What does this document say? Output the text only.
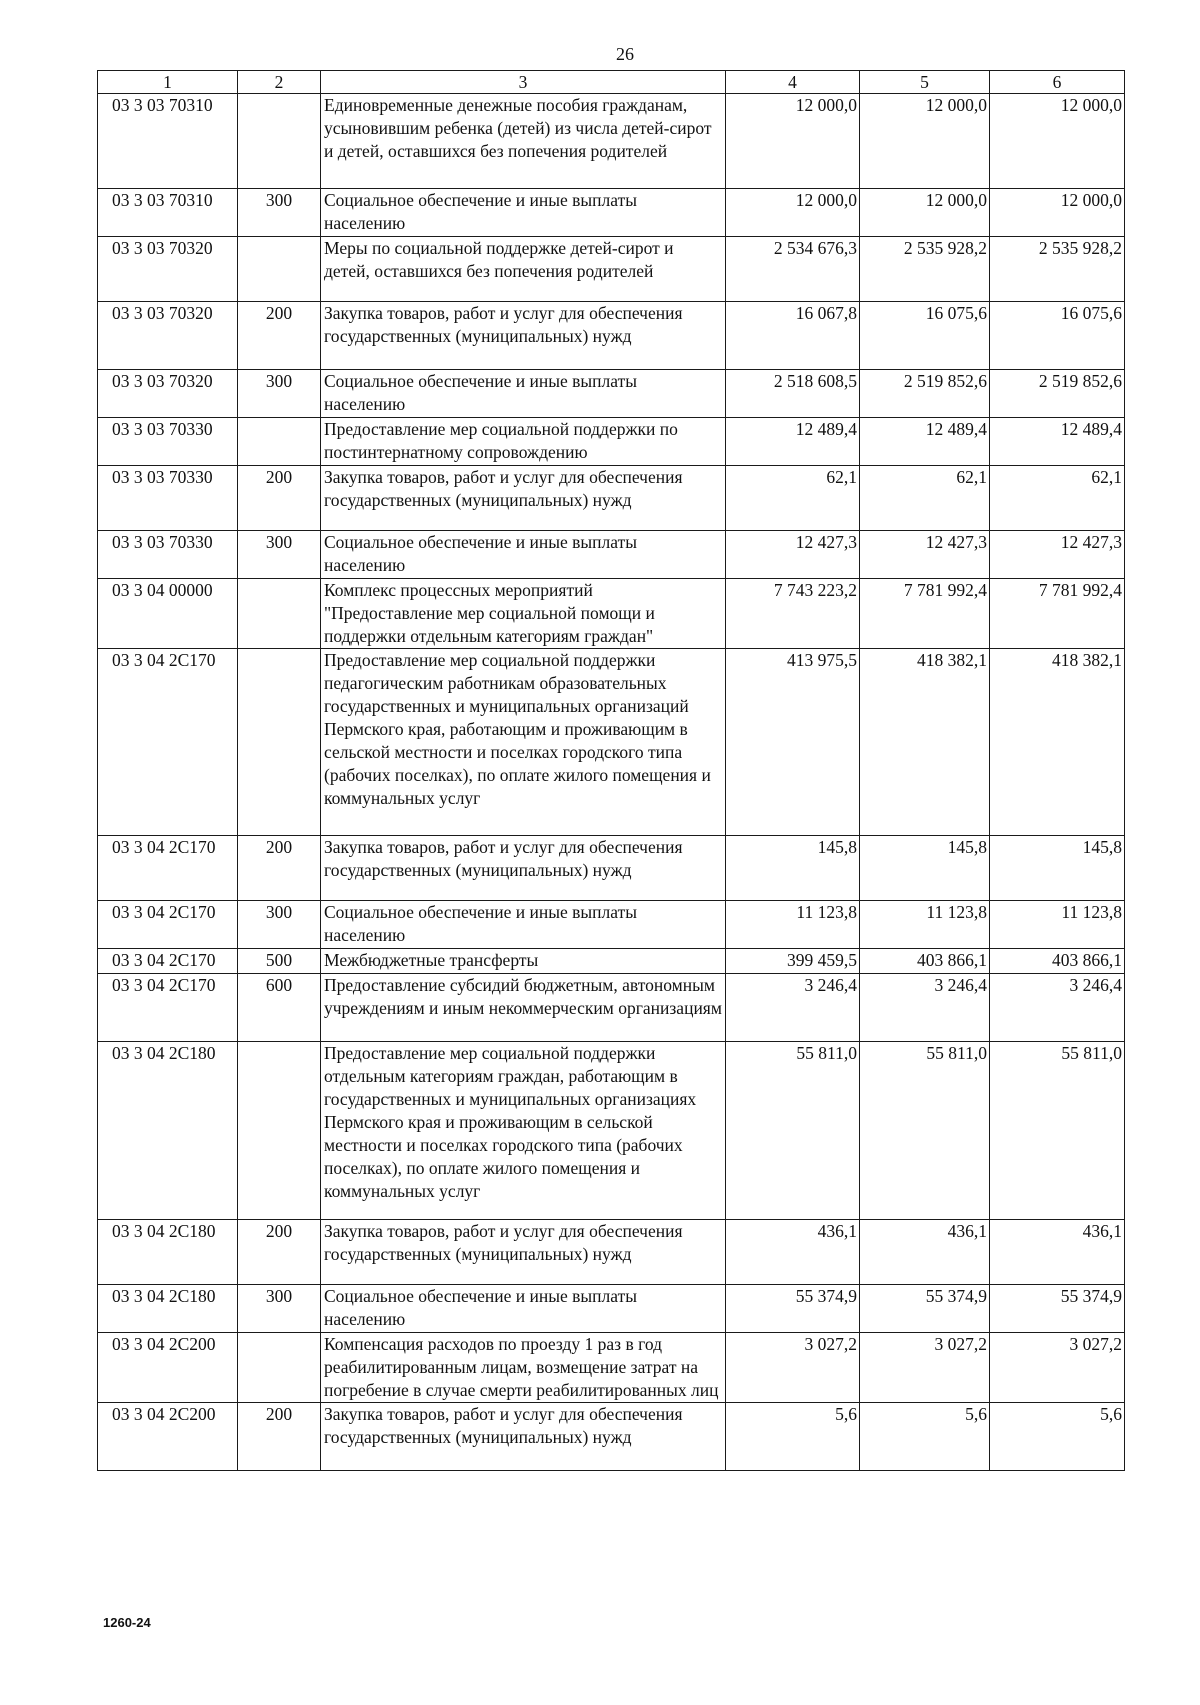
26
1	2	3	4	5	6
03 3 03 70310		Единовременные денежные пособия гражданам, усыновившим ребенка (детей) из числа детей-сирот и детей, оставшихся без попечения родителей	12 000,0	12 000,0	12 000,0
03 3 03 70310	300	Социальное обеспечение и иные выплаты населению	12 000,0	12 000,0	12 000,0
03 3 03 70320		Меры по социальной поддержке детей-сирот и детей, оставшихся без попечения родителей	2 534 676,3	2 535 928,2	2 535 928,2
03 3 03 70320	200	Закупка товаров, работ и услуг для обеспечения государственных (муниципальных) нужд	16 067,8	16 075,6	16 075,6
03 3 03 70320	300	Социальное обеспечение и иные выплаты населению	2 518 608,5	2 519 852,6	2 519 852,6
03 3 03 70330		Предоставление мер социальной поддержки по постинтернатному сопровождению	12 489,4	12 489,4	12 489,4
03 3 03 70330	200	Закупка товаров, работ и услуг для обеспечения государственных (муниципальных) нужд	62,1	62,1	62,1
03 3 03 70330	300	Социальное обеспечение и иные выплаты населению	12 427,3	12 427,3	12 427,3
03 3 04 00000		Комплекс процессных мероприятий "Предоставление мер социальной помощи и поддержки отдельным категориям граждан"	7 743 223,2	7 781 992,4	7 781 992,4
03 3 04 2С170		Предоставление мер социальной поддержки педагогическим работникам образовательных государственных и муниципальных организаций Пермского края, работающим и проживающим в сельской местности и поселках городского типа (рабочих поселках), по оплате жилого помещения и коммунальных услуг	413 975,5	418 382,1	418 382,1
03 3 04 2С170	200	Закупка товаров, работ и услуг для обеспечения государственных (муниципальных) нужд	145,8	145,8	145,8
03 3 04 2С170	300	Социальное обеспечение и иные выплаты населению	11 123,8	11 123,8	11 123,8
03 3 04 2С170	500	Межбюджетные трансферты	399 459,5	403 866,1	403 866,1
03 3 04 2С170	600	Предоставление субсидий бюджетным, автономным учреждениям и иным некоммерческим организациям	3 246,4	3 246,4	3 246,4
03 3 04 2С180		Предоставление мер социальной поддержки отдельным категориям граждан, работающим в государственных и муниципальных организациях Пермского края и проживающим в сельской местности и поселках городского типа (рабочих поселках), по оплате жилого помещения и коммунальных услуг	55 811,0	55 811,0	55 811,0
03 3 04 2С180	200	Закупка товаров, работ и услуг для обеспечения государственных (муниципальных) нужд	436,1	436,1	436,1
03 3 04 2С180	300	Социальное обеспечение и иные выплаты населению	55 374,9	55 374,9	55 374,9
03 3 04 2С200		Компенсация расходов по проезду 1 раз в год реабилитированным лицам, возмещение затрат на погребение в случае смерти реабилитированных лиц	3 027,2	3 027,2	3 027,2
03 3 04 2С200	200	Закупка товаров, работ и услуг для обеспечения государственных (муниципальных) нужд	5,6	5,6	5,6
1260-24
